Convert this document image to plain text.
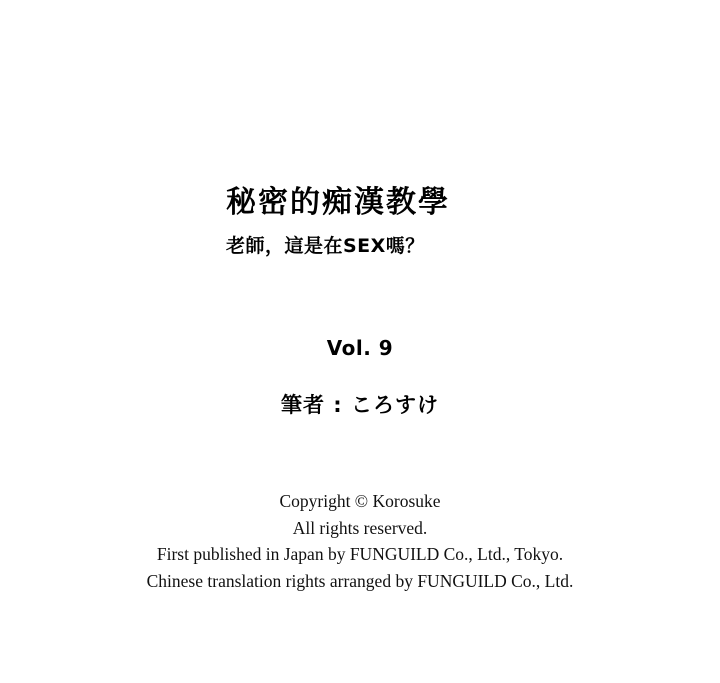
秘密的痴漢教學
老師，這是在SEX嗎？
Vol. 9
筆者 : ころすけ
Copyright © Korosuke
All rights reserved.
First published in Japan by FUNGUILD Co., Ltd., Tokyo.
Chinese translation rights arranged by FUNGUILD Co., Ltd.
